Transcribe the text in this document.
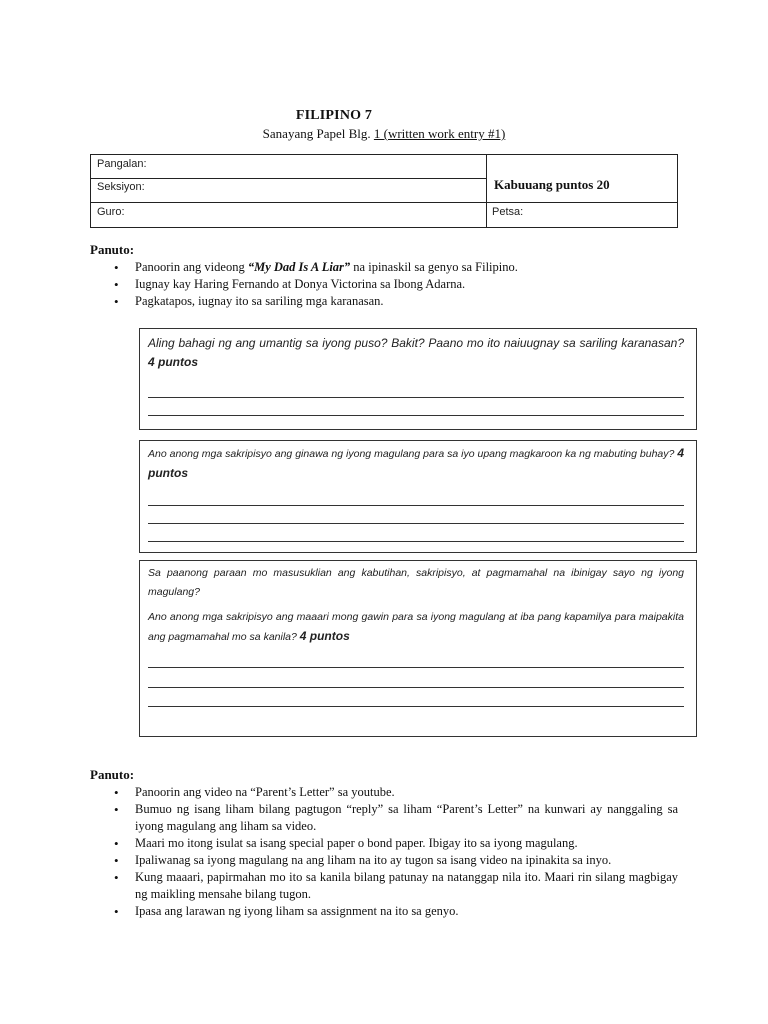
FILIPINO 7
Sanayang Papel Blg. 1 (written work entry #1)
Pangalan:
Seksiyon:
Guro:
Kabuuang puntos 20
Petsa:
Panuto:
• Panoorin ang videong “My Dad Is A Liar” na ipinaskil sa genyo sa Filipino.
• Iugnay kay Haring Fernando at Donya Victorina sa Ibong Adarna.
• Pagkatapos, iugnay ito sa sariling mga karanasan.
Aling bahagi ng ang umantig sa iyong puso? Bakit? Paano mo ito naiuugnay sa sariling karanasan? 4 puntos
Ano anong mga sakripisyo ang ginawa ng iyong magulang para sa iyo upang magkaroon ka ng mabuting buhay? 4 puntos
Sa paanong paraan mo masusuklian ang kabutihan, sakripisyo, at pagmamahal na ibinigay sayo ng iyong magulang?
Ano anong mga sakripisyo ang maaari mong gawin para sa iyong magulang at iba pang kapamilya para maipakita ang pagmamahal mo sa kanila? 4 puntos
Panuto:
• Panoorin ang video na “Parent’s Letter” sa youtube.
• Bumuo ng isang liham bilang pagtugon “reply” sa liham “Parent’s Letter” na kunwari ay nanggaling sa iyong magulang ang liham sa video.
• Maari mo itong isulat sa isang special paper o bond paper. Ibigay ito sa iyong magulang.
• Ipaliwanag sa iyong magulang na ang liham na ito ay tugon sa isang video na ipinakita sa inyo.
• Kung maaari, papirmahan mo ito sa kanila bilang patunay na natanggap nila ito. Maari rin silang magbigay ng maikling mensahe bilang tugon.
• Ipasa ang larawan ng iyong liham sa assignment na ito sa genyo.
